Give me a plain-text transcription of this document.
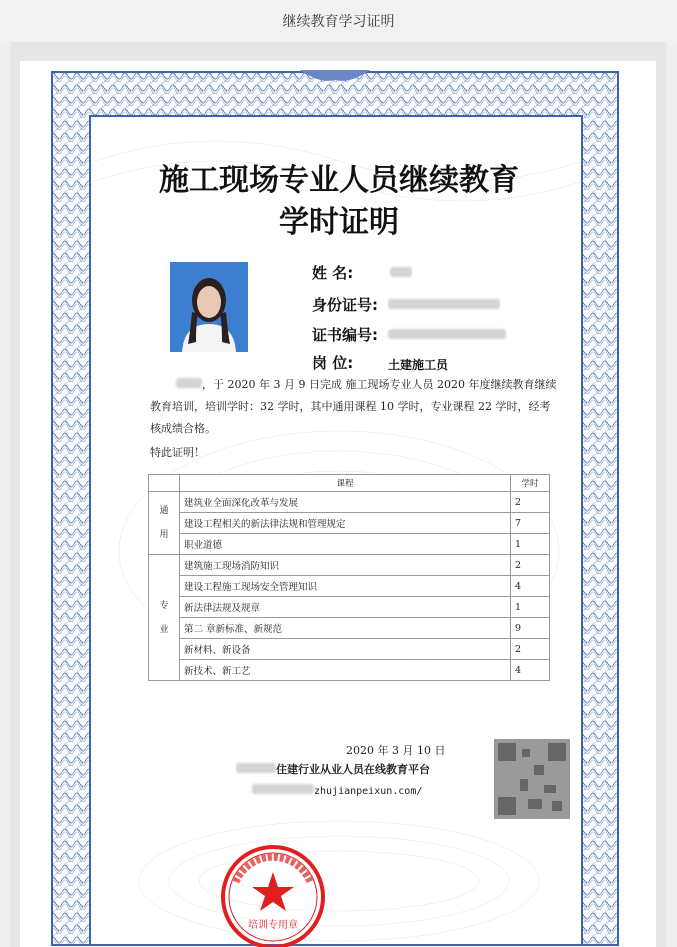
继续教育学习证明
施工现场专业人员继续教育
学时证明
姓 名:
身份证号:
证书编号:
岗 位:	土建施工员
，于 2020 年 3 月 9 日完成 施工现场专业人员 2020 年度继续教育继续教育培训，培训学时：32 学时，其中通用课程 10 学时，专业课程 22 学时，经考核成绩合格。
特此证明！
	课程	学时
通
用	建筑业全面深化改革与发展	2
	建设工程相关的新法律法规和管理规定	7
	职业道德	1
专
业	建筑施工现场消防知识	2
	建设工程施工现场安全管理知识	4
	新法律法规及规章	1
	第二 章新标准、新规范	9
	新材料、新设备	2
	新技术、新工艺	4
2020 年 3 月 10 日
住建行业从业人员在线教育平台
zhujianpeixun.com/
培训专用章
